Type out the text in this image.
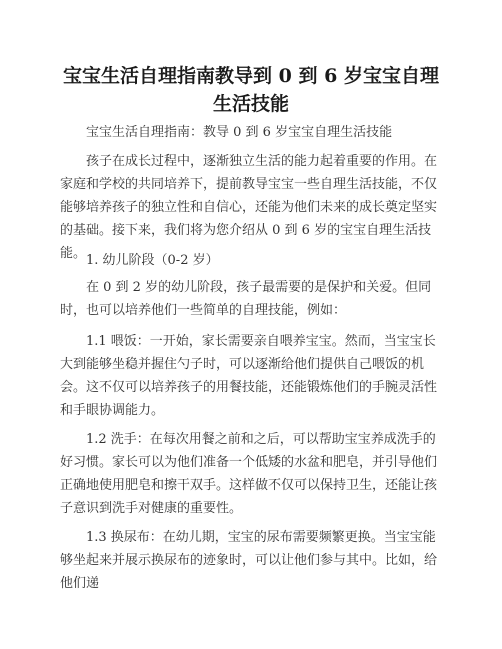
宝宝生活自理指南教导到 0 到 6 岁宝宝自理生活技能

宝宝生活自理指南：教导 0 到 6 岁宝宝自理生活技能

孩子在成长过程中，逐渐独立生活的能力起着重要的作用。在家庭和学校的共同培养下，提前教导宝宝一些自理生活技能，不仅能够培养孩子的独立性和自信心，还能为他们未来的成长奠定坚实的基础。接下来，我们将为您介绍从 0 到 6 岁的宝宝自理生活技能。 1. 幼儿阶段（0-2 岁）

在 0 到 2 岁的幼儿阶段，孩子最需要的是保护和关爱。但同时，也可以培养他们一些简单的自理技能，例如：

1.1 喂饭：一开始，家长需要亲自喂养宝宝。然而，当宝宝长大到能够坐稳并握住勺子时，可以逐渐给他们提供自己喂饭的机会。这不仅可以培养孩子的用餐技能，还能锻炼他们的手腕灵活性和手眼协调能力。

1.2 洗手：在每次用餐之前和之后，可以帮助宝宝养成洗手的好习惯。家长可以为他们准备一个低矮的水盆和肥皂，并引导他们正确地使用肥皂和擦干双手。这样做不仅可以保持卫生，还能让孩子意识到洗手对健康的重要性。

1.3 换尿布：在幼儿期，宝宝的尿布需要频繁更换。当宝宝能够坐起来并展示换尿布的迹象时，可以让他们参与其中。比如，给他们递
